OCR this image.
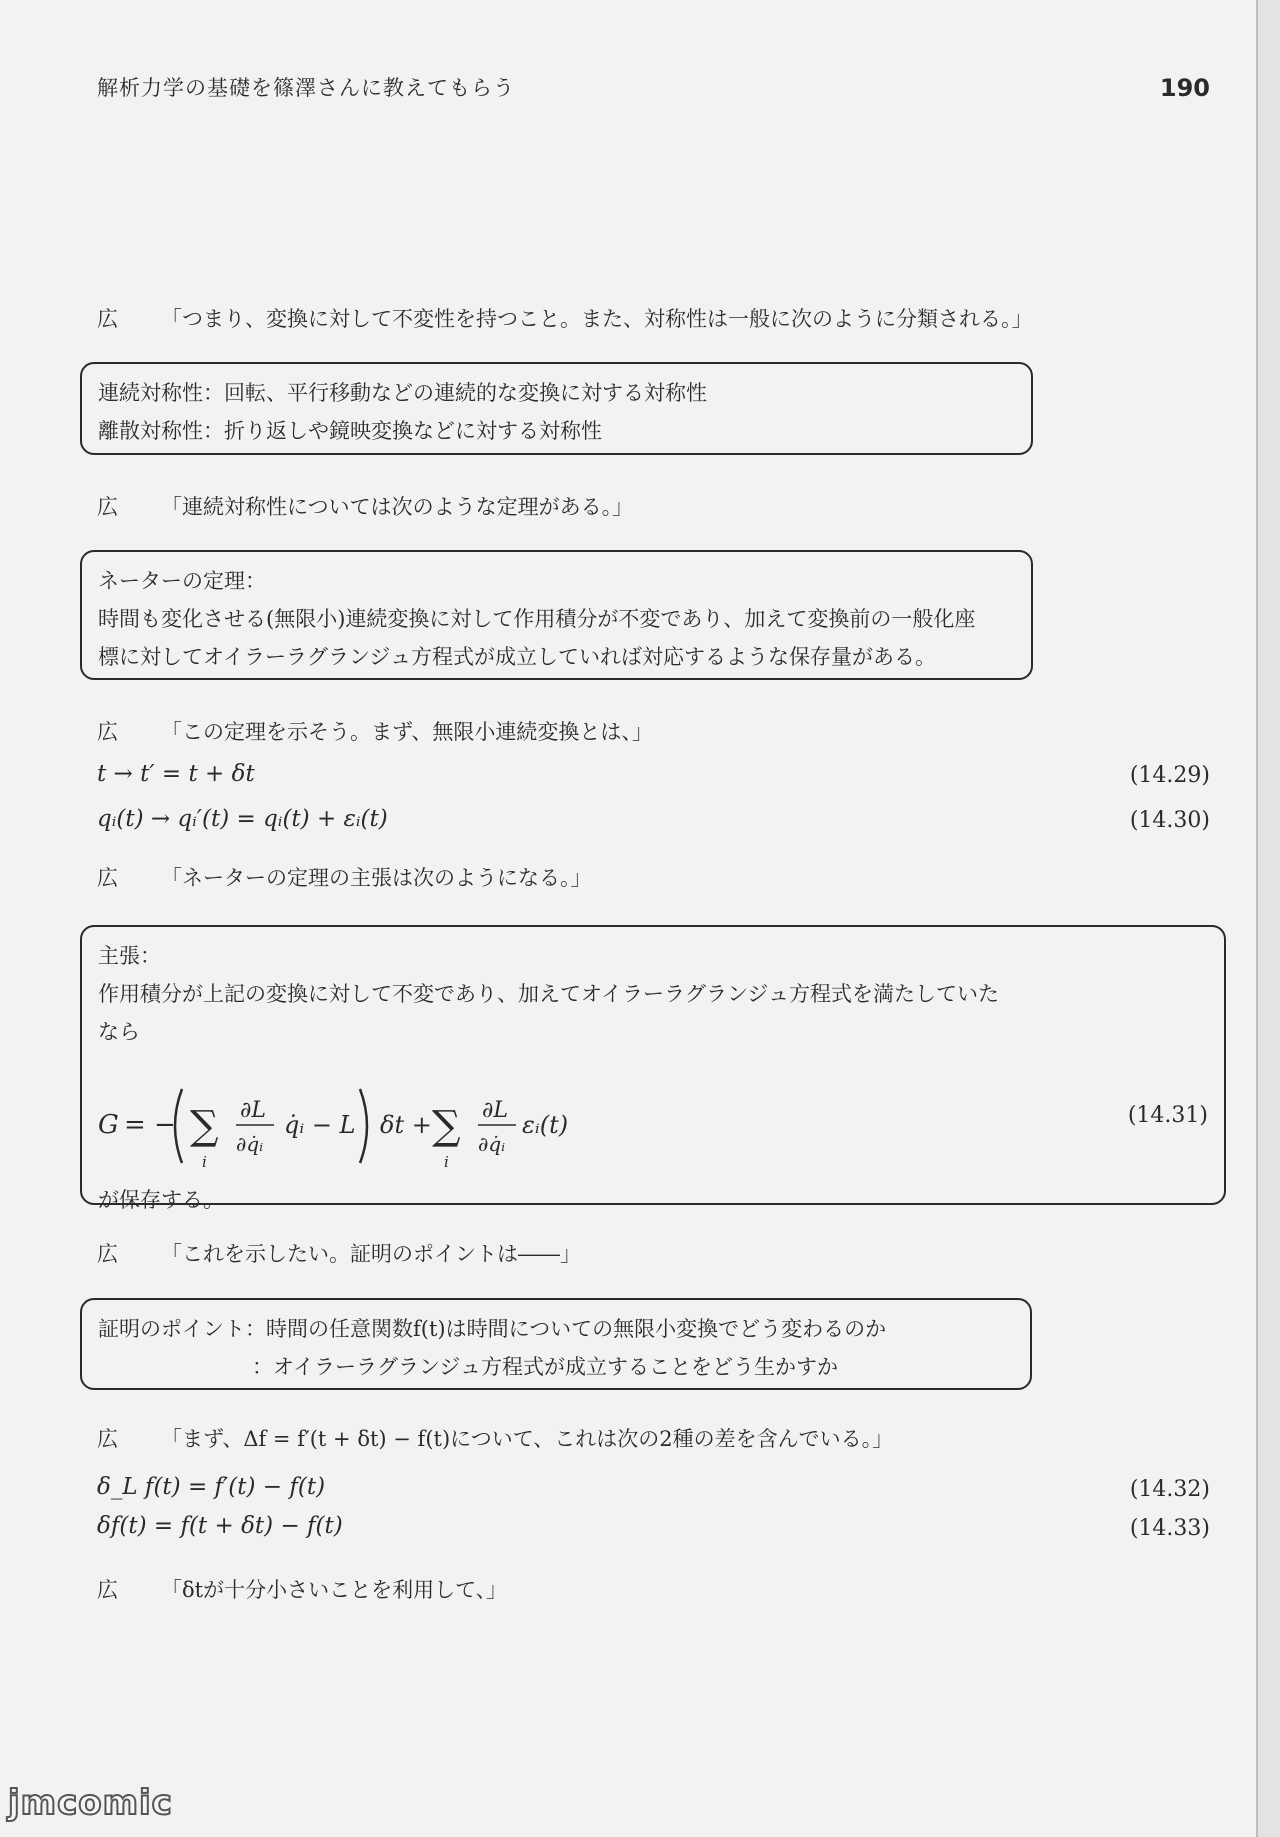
解析力学の基礎を篠澤さんに教えてもらう	190
広 「つまり、変換に対して不変性を持つこと。また、対称性は一般に次のように分類される。」
連続対称性：回転、平行移動などの連続的な変換に対する対称性
離散対称性：折り返しや鏡映変換などに対する対称性
広 「連続対称性については次のような定理がある。」
ネーターの定理：
時間も変化させる(無限小)連続変換に対して作用積分が不変であり、加えて変換前の一般化座
標に対してオイラーラグランジュ方程式が成立していれば対応するような保存量がある。
広 「この定理を示そう。まず、無限小連続変換とは、」
t → t′ = t + δt	(14.29)
qᵢ(t) → qᵢ′(t) = qᵢ(t) + εᵢ(t)	(14.30)
広 「ネーターの定理の主張は次のようになる。」
主張：
作用積分が上記の変換に対して不変であり、加えてオイラーラグランジュ方程式を満たしていた
なら
G = − ∑
i
∂L
∂q̇ᵢ
q̇ᵢ − L δt + ∑
i
∂L
∂q̇ᵢ
εᵢ(t)	(14.31)
が保存する。
広 「これを示したい。証明のポイントは――」
証明のポイント：時間の任意関数f(t)は時間についての無限小変換でどう変わるのか
：オイラーラグランジュ方程式が成立することをどう生かすか
広 「まず、Δf = f′(t + δt) − f(t)について、これは次の2種の差を含んでいる。」
δ_L f(t) = f′(t) − f(t)	(14.32)
δf(t) = f(t + δt) − f(t)	(14.33)
広 「δtが十分小さいことを利用して、」
jmcomic
